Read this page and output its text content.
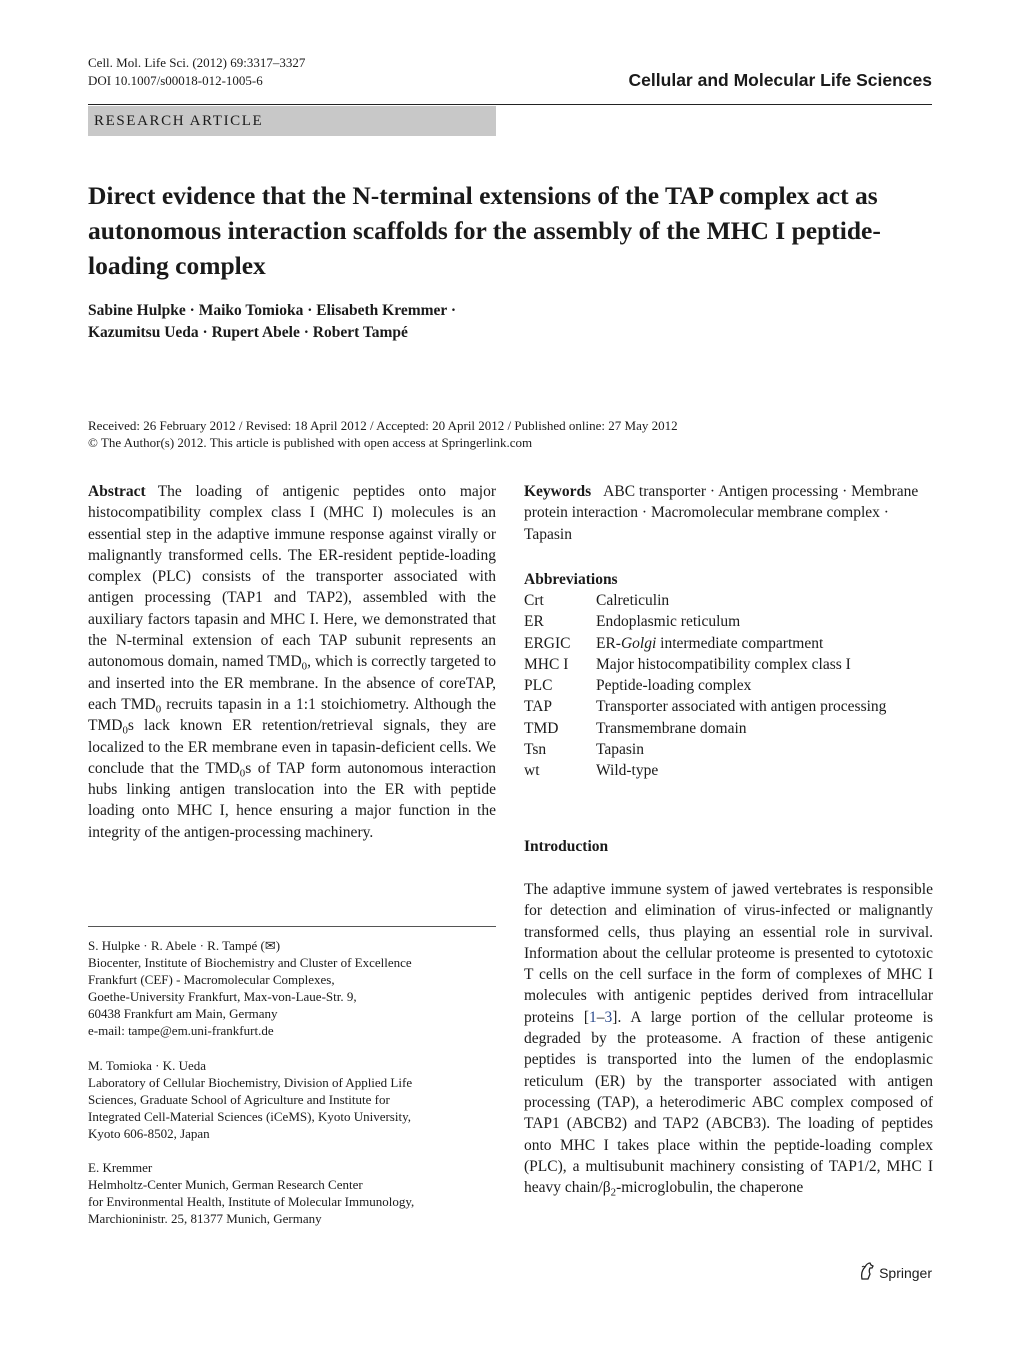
Cell. Mol. Life Sci. (2012) 69:3317–3327
DOI 10.1007/s00018-012-1005-6	Cellular and Molecular Life Sciences
RESEARCH ARTICLE
Direct evidence that the N-terminal extensions of the TAP complex act as autonomous interaction scaffolds for the assembly of the MHC I peptide-loading complex
Sabine Hulpke · Maiko Tomioka · Elisabeth Kremmer ·
Kazumitsu Ueda · Rupert Abele · Robert Tampé
Received: 26 February 2012 / Revised: 18 April 2012 / Accepted: 20 April 2012 / Published online: 27 May 2012
© The Author(s) 2012. This article is published with open access at Springerlink.com
Abstract The loading of antigenic peptides onto major histocompatibility complex class I (MHC I) molecules is an essential step in the adaptive immune response against virally or malignantly transformed cells. The ER-resident peptide-loading complex (PLC) consists of the transporter associated with antigen processing (TAP1 and TAP2), assembled with the auxiliary factors tapasin and MHC I. Here, we demonstrated that the N-terminal extension of each TAP subunit represents an autonomous domain, named $TMD_0$, which is correctly targeted to and inserted into the ER membrane. In the absence of coreTAP, each $TMD_0$ recruits tapasin in a 1:1 stoichiometry. Although the $TMD_0s$ lack known ER retention/retrieval signals, they are localized to the ER membrane even in tapasin-deficient cells. We conclude that the $TMD_0s$ of TAP form autonomous interaction hubs linking antigen translocation into the ER with peptide loading onto MHC I, hence ensuring a major function in the integrity of the antigen-processing machinery.
S. Hulpke · R. Abele · R. Tampé (✉)
Biocenter, Institute of Biochemistry and Cluster of Excellence
Frankfurt (CEF) - Macromolecular Complexes,
Goethe-University Frankfurt, Max-von-Laue-Str. 9,
60438 Frankfurt am Main, Germany
e-mail: tampe@em.uni-frankfurt.de
M. Tomioka · K. Ueda
Laboratory of Cellular Biochemistry, Division of Applied Life
Sciences, Graduate School of Agriculture and Institute for
Integrated Cell-Material Sciences (iCeMS), Kyoto University,
Kyoto 606-8502, Japan
E. Kremmer
Helmholtz-Center Munich, German Research Center
for Environmental Health, Institute of Molecular Immunology,
Marchioninistr. 25, 81377 Munich, Germany
Keywords ABC transporter · Antigen processing · Membrane protein interaction · Macromolecular membrane complex · Tapasin
Abbreviations
Crt	Calreticulin
ER	Endoplasmic reticulum
ERGIC	ER-Golgi intermediate compartment
MHC I	Major histocompatibility complex class I
PLC	Peptide-loading complex
TAP	Transporter associated with antigen processing
TMD	Transmembrane domain
Tsn	Tapasin
wt	Wild-type
Introduction
The adaptive immune system of jawed vertebrates is responsible for detection and elimination of virus-infected or malignantly transformed cells, thus playing an essential role in survival. Information about the cellular proteome is presented to cytotoxic T cells on the cell surface in the form of complexes of MHC I molecules with antigenic peptides derived from intracellular proteins [1–3]. A large portion of the cellular proteome is degraded by the proteasome. A fraction of these antigenic peptides is transported into the lumen of the endoplasmic reticulum (ER) by the transporter associated with antigen processing (TAP), a heterodimeric ABC complex composed of TAP1 (ABCB2) and TAP2 (ABCB3). The loading of peptides onto MHC I takes place within the peptide-loading complex (PLC), a multisubunit machinery consisting of TAP1/2, MHC I heavy chain/$\beta_2$-microglobulin, the chaperone
Springer
